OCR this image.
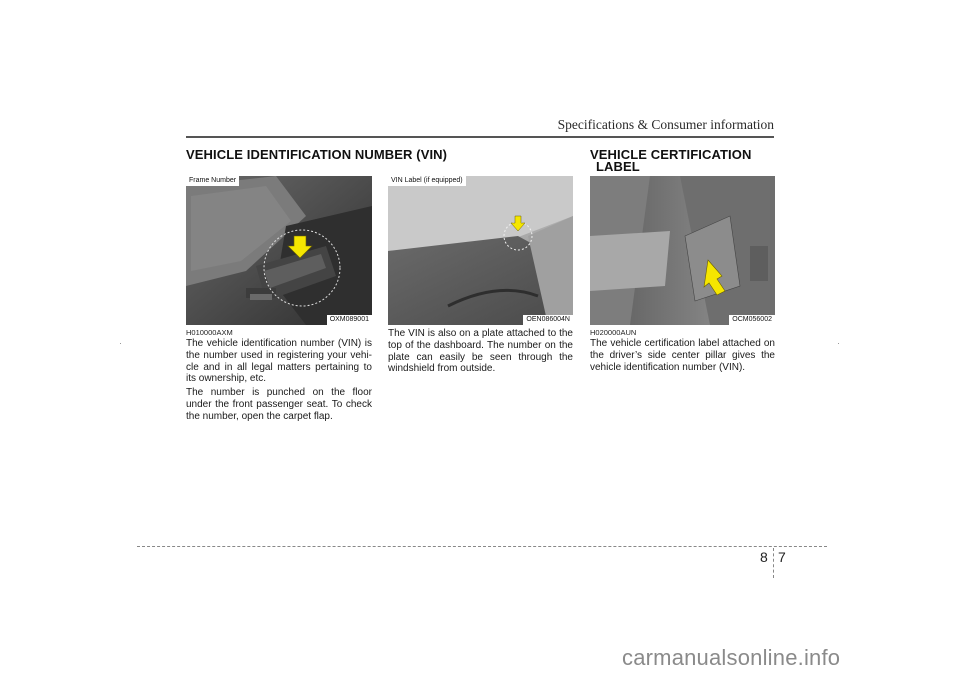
Specifications & Consumer information
VEHICLE IDENTIFICATION NUMBER (VIN)	VEHICLE CERTIFICATION
LABEL
Frame Number
OXM089001
VIN Label (if equipped)
OEN086004N	OCM056002
H010000AXM

The vehicle identification number (VIN) is the number used in registering your vehi-cle and in all legal matters pertaining to its ownership, etc.

The number is punched on the floor under the front passenger seat. To check the number, open the carpet flap.

The VIN is also on a plate attached to the top of the dashboard. The number on the plate can easily be seen through the windshield from outside.

H020000AUN

The vehicle certification label attached on the driver’s side center pillar gives the vehicle identification number (VIN).

8 7
carmanualsonline.info
